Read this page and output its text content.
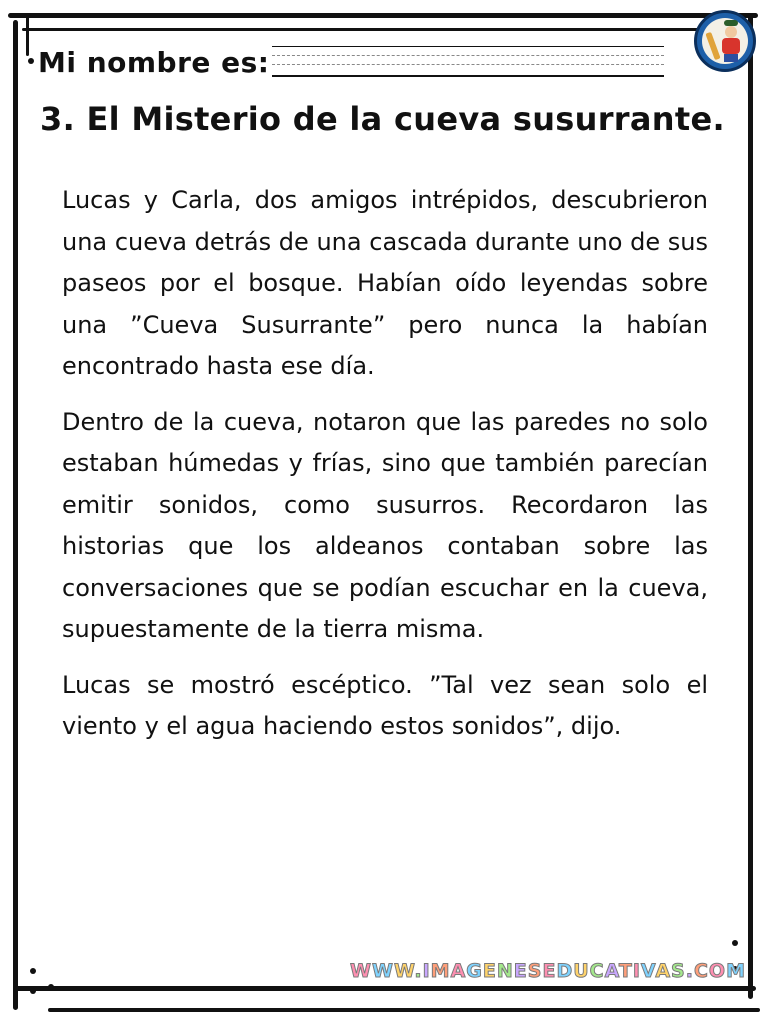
Mi nombre es:
3. El Misterio de la cueva susurrante.

Lucas y Carla, dos amigos intrépidos, descubrieron una cueva detrás de una cascada durante uno de sus paseos por el bosque. Habían oído leyendas sobre una ”Cueva Susurrante” pero nunca la habían encontrado hasta ese día.

Dentro de la cueva, notaron que las paredes no solo estaban húmedas y frías, sino que también parecían emitir sonidos, como susurros. Recordaron las historias que los aldeanos contaban sobre las conversaciones que se podían escuchar en la cueva, supuestamente de la tierra misma.

Lucas se mostró escéptico. ”Tal vez sean solo el viento y el agua haciendo estos sonidos”, dijo.

WWW.IMAGENESEDUCATIVAS.COM
